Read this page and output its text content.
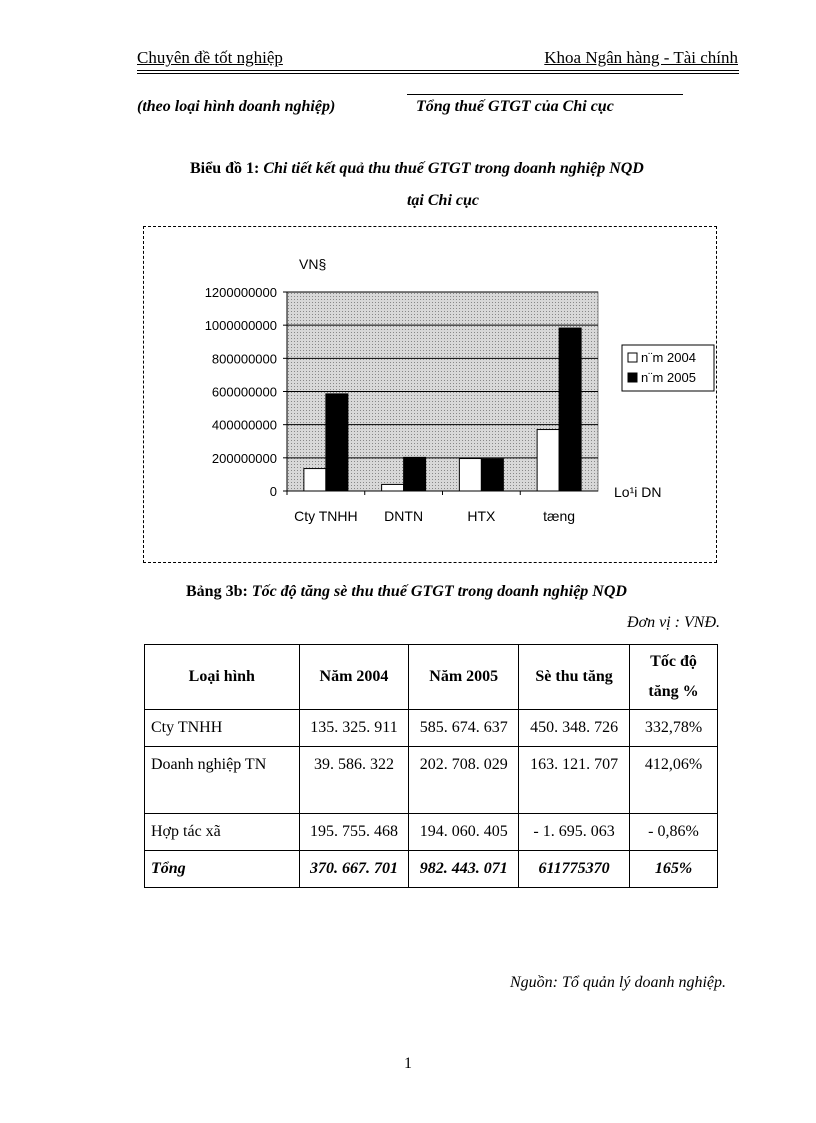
Chuyên đề tốt nghiệp	Khoa Ngân hàng - Tài chính
(theo loại hình doanh nghiệp)	Tổng thuế GTGT của Chi cục
Biểu đồ 1: Chi tiết kết quả thu thuế GTGT trong doanh nghiệp NQD
tại Chi cục
0
200000000
400000000
600000000
800000000
1000000000
1200000000
Cty TNHH DNTN	HTX	tæng
VN§
Lo¹i DN
n¨m 2004
n¨m 2005
Bảng 3b: Tốc độ tăng sè thu thuế GTGT trong doanh nghiệp NQD
Đơn vị : VNĐ.
Loại hình	Năm 2004	Năm 2005	Sè thu tăng	Tốc độ tăng %
Cty TNHH	135. 325. 911	585. 674. 637	450. 348. 726	332,78%
Doanh nghiệp TN	39. 586. 322	202. 708. 029	163. 121. 707	412,06%
Hợp tác xã	195. 755. 468	194. 060. 405	- 1. 695. 063	- 0,86%
Tổng	370. 667. 701	982. 443. 071	611775370	165%
Nguồn: Tổ quản lý doanh nghiệp.
1
